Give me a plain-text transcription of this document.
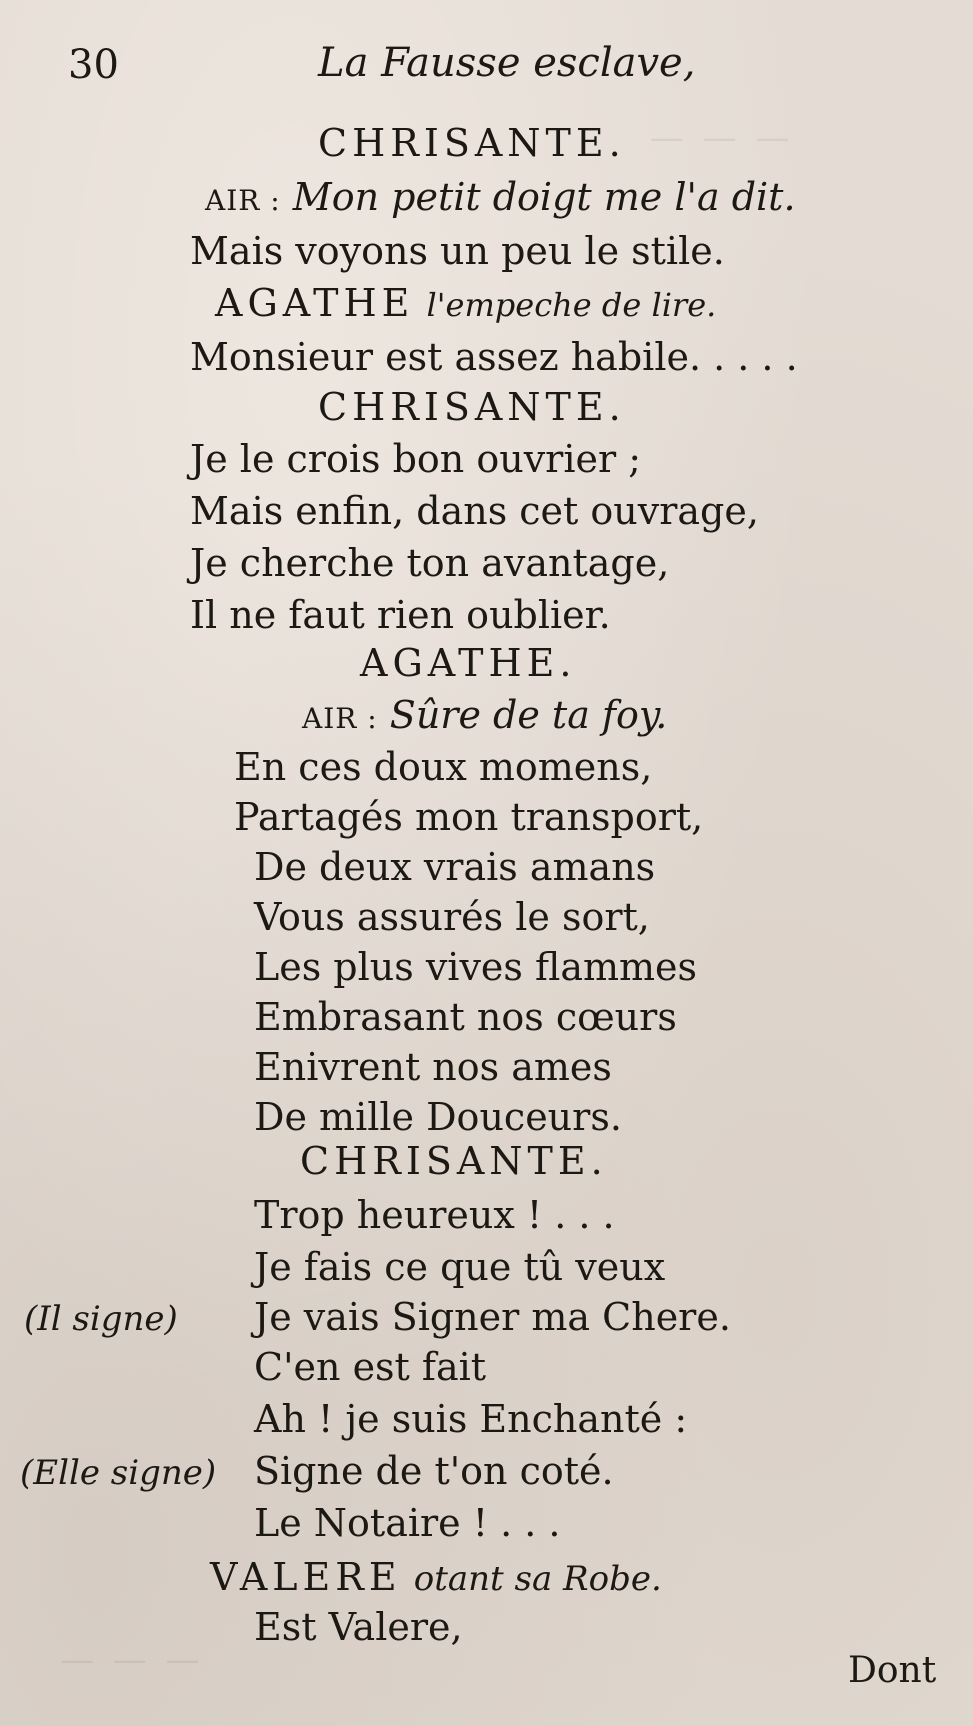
— — —
— — —
30	La Fausse esclave,
CHRISANTE.
AIR : Mon petit doigt me l'a dit.
Mais voyons un peu le stile.
AGATHE l'empeche de lire.
Monsieur est assez habile. . . . .
CHRISANTE.
Je le crois bon ouvrier ;
Mais enfin, dans cet ouvrage,
Je cherche ton avantage,
Il ne faut rien oublier.
AGATHE.
AIR : Sûre de ta foy.
En ces doux momens,
Partagés mon transport,
De deux vrais amans
Vous assurés le sort,
Les plus vives flammes
Embrasant nos cœurs
Enivrent nos ames
De mille Douceurs.
CHRISANTE.
Trop heureux ! . . .
Je fais ce que tû veux
(Il signe) Je vais Signer ma Chere.
C'en est fait
Ah ! je suis Enchanté :
(Elle signe) Signe de t'on coté.
Le Notaire ! . . .
VALERE otant sa Robe.
Est Valere,
Dont
